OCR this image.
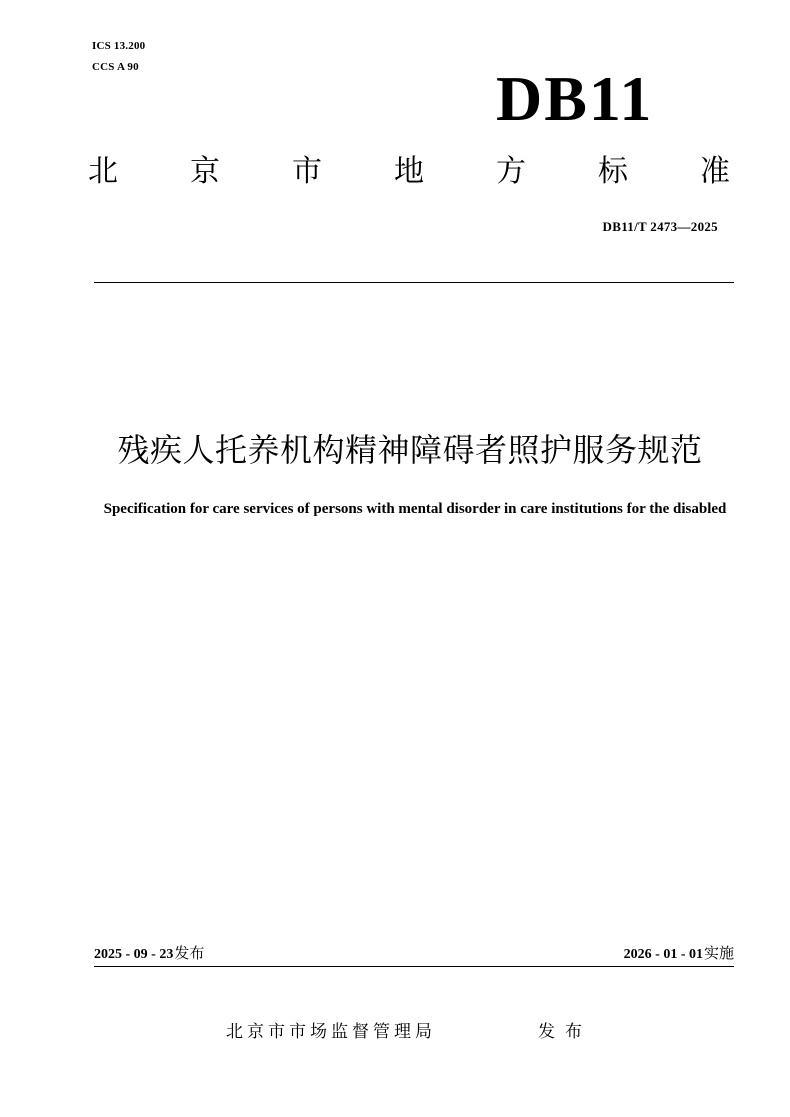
ICS 13.200
CCS A 90	DB11
北 京 市 地 方 标 准
DB11/T 2473—2025
残疾人托养机构精神障碍者照护服务规范
Specification for care services of persons with mental disorder in care institutions for the disabled
2025 - 09 - 23发布	2026 - 01 - 01实施
北京市市场监督管理局	发布
